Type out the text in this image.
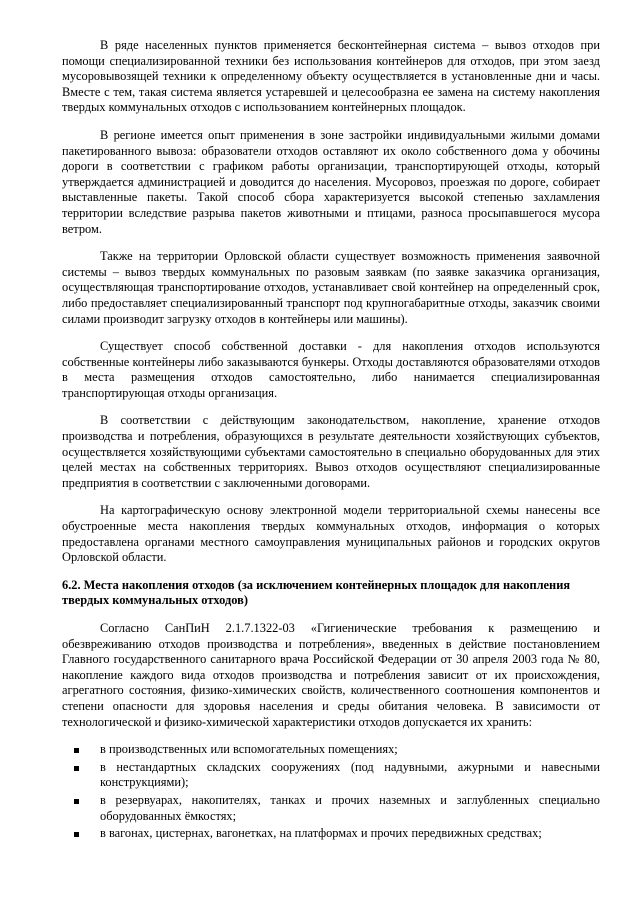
В ряде населенных пунктов применяется бесконтейнерная система – вывоз отходов при помощи специализированной техники без использования контейнеров для отходов, при этом заезд мусоровывозящей техники к определенному объекту осуществляется в установленные дни и часы. Вместе с тем, такая система является устаревшей и целесообразна ее замена на систему накопления твердых коммунальных отходов с использованием контейнерных площадок.

В регионе имеется опыт применения в зоне застройки индивидуальными жилыми домами пакетированного вывоза: образователи отходов оставляют их около собственного дома у обочины дороги в соответствии с графиком работы организации, транспортирующей отходы, который утверждается администрацией и доводится до населения. Мусоровоз, проезжая по дороге, собирает выставленные пакеты. Такой способ сбора характеризуется высокой степенью захламления территории вследствие разрыва пакетов животными и птицами, разноса просыпавшегося мусора ветром.

Также на территории Орловской области существует возможность применения заявочной системы – вывоз твердых коммунальных по разовым заявкам (по заявке заказчика организация, осуществляющая транспортирование отходов, устанавливает свой контейнер на определенный срок, либо предоставляет специализированный транспорт под крупногабаритные отходы, заказчик своими силами производит загрузку отходов в контейнеры или машины).

Существует способ собственной доставки - для накопления отходов используются собственные контейнеры либо заказываются бункеры. Отходы доставляются образователями отходов в места размещения отходов самостоятельно, либо нанимается специализированная транспортирующая отходы организация.

В соответствии с действующим законодательством, накопление, хранение отходов производства и потребления, образующихся в результате деятельности хозяйствующих субъектов, осуществляется хозяйствующими субъектами самостоятельно в специально оборудованных для этих целей местах на собственных территориях. Вывоз отходов осуществляют специализированные предприятия в соответствии с заключенными договорами.

На картографическую основу электронной модели территориальной схемы нанесены все обустроенные места накопления твердых коммунальных отходов, информация о которых предоставлена органами местного самоуправления муниципальных районов и городских округов Орловской области.

6.2. Места накопления отходов (за исключением контейнерных площадок для накопления твердых коммунальных отходов)

Согласно СанПиН 2.1.7.1322-03 «Гигиенические требования к размещению и обезвреживанию отходов производства и потребления», введенных в действие постановлением Главного государственного санитарного врача Российской Федерации от 30 апреля 2003 года № 80, накопление каждого вида отходов производства и потребления зависит от их происхождения, агрегатного состояния, физико-химических свойств, количественного соотношения компонентов и степени опасности для здоровья населения и среды обитания человека. В зависимости от технологической и физико-химической характеристики отходов допускается их хранить:

в производственных или вспомогательных помещениях;
в нестандартных складских сооружениях (под надувными, ажурными и навесными конструкциями);
в резервуарах, накопителях, танках и прочих наземных и заглубленных специально оборудованных ёмкостях;
в вагонах, цистернах, вагонетках, на платформах и прочих передвижных средствах;
